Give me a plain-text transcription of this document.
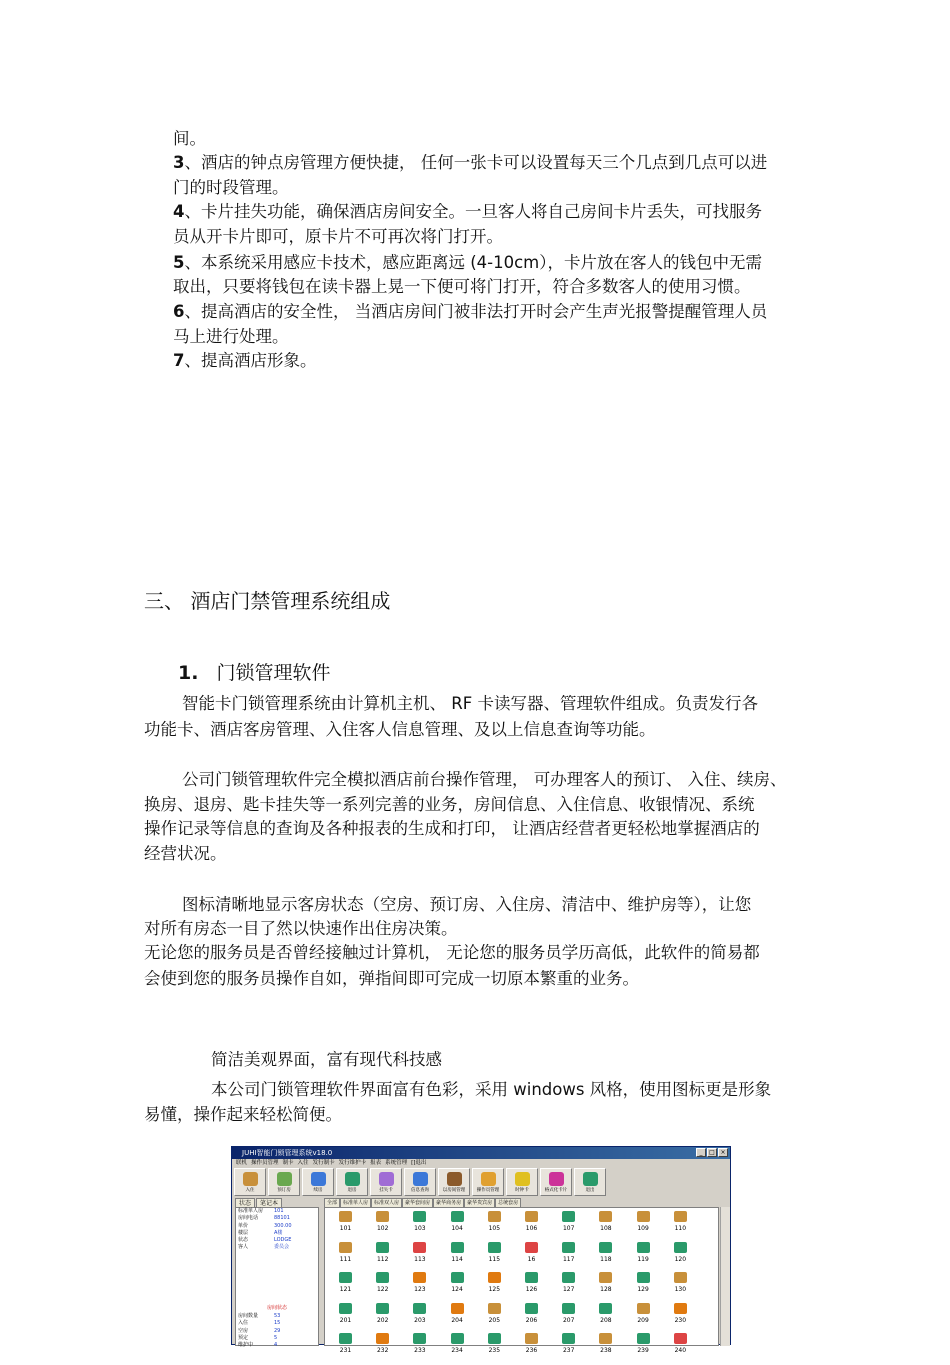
间。
3、酒店的钟点房管理方便快捷， 任何一张卡可以设置每天三个几点到几点可以进
门的时段管理。
4、卡片挂失功能，确保酒店房间安全。一旦客人将自己房间卡片丢失，可找服务
员从开卡片即可，原卡片不可再次将门打开。
5、本系统采用感应卡技术，感应距离远 (4-10cm），卡片放在客人的钱包中无需
取出，只要将钱包在读卡器上晃一下便可将门打开，符合多数客人的使用习惯。
6、提高酒店的安全性， 当酒店房间门被非法打开时会产生声光报警提醒管理人员
马上进行处理。
7、提高酒店形象。
三、 酒店门禁管理系统组成
1. 门锁管理软件
智能卡门锁管理系统由计算机主机、 RF 卡读写器、管理软件组成。负责发行各
功能卡、酒店客房管理、入住客人信息管理、及以上信息查询等功能。
公司门锁管理软件完全模拟酒店前台操作管理， 可办理客人的预订、 入住、续房、
换房、退房、匙卡挂失等一系列完善的业务，房间信息、入住信息、收银情况、系统
操作记录等信息的查询及各种报表的生成和打印， 让酒店经营者更轻松地掌握酒店的
经营状况。
图标清晰地显示客房状态（空房、预订房、入住房、清洁中、维护房等），让您
对所有房态一目了然以快速作出住房决策。
无论您的服务员是否曾经接触过计算机， 无论您的服务员学历高低，此软件的简易都
会使到您的服务员操作自如，弹指间即可完成一切原本繁重的业务。
简洁美观界面，富有现代科技感
本公司门锁管理软件界面富有色彩，采用 windows 风格，使用图标更是形象
易懂，操作起来轻松简便。
JUHI智能门锁管理系统v18.0	_	□ ×
联机 操作员管理 制卡 入住 发行制卡 发行维护卡 报表 系统管理 []退出
入住	预订房	续房	退房	挂失卡	信息查询	以房间管理	操作员管理	时钟卡	格式化卡片	退出
状态 笔记本
标准单人房 101
房间电话	88101
单价	300.00
楼层	A楼
状态	LODGE
客人	委员会
房间状态
房间数量	53
入住	15
空房	29
预定	5
维护中	4
全部 标准单人房 标准双人房 豪华套间房 豪华商务房 豪华贵宾房 总统套房
101	102	103	104	105	106	107	108	109	110
111	112	113	114	115	16	117	118	119	120
121	122	123	124	125	126	127	128	129	130
201	202	203	204	205	206	207	208	209	230
231	232	233	234	235	236	237	238	239	240
